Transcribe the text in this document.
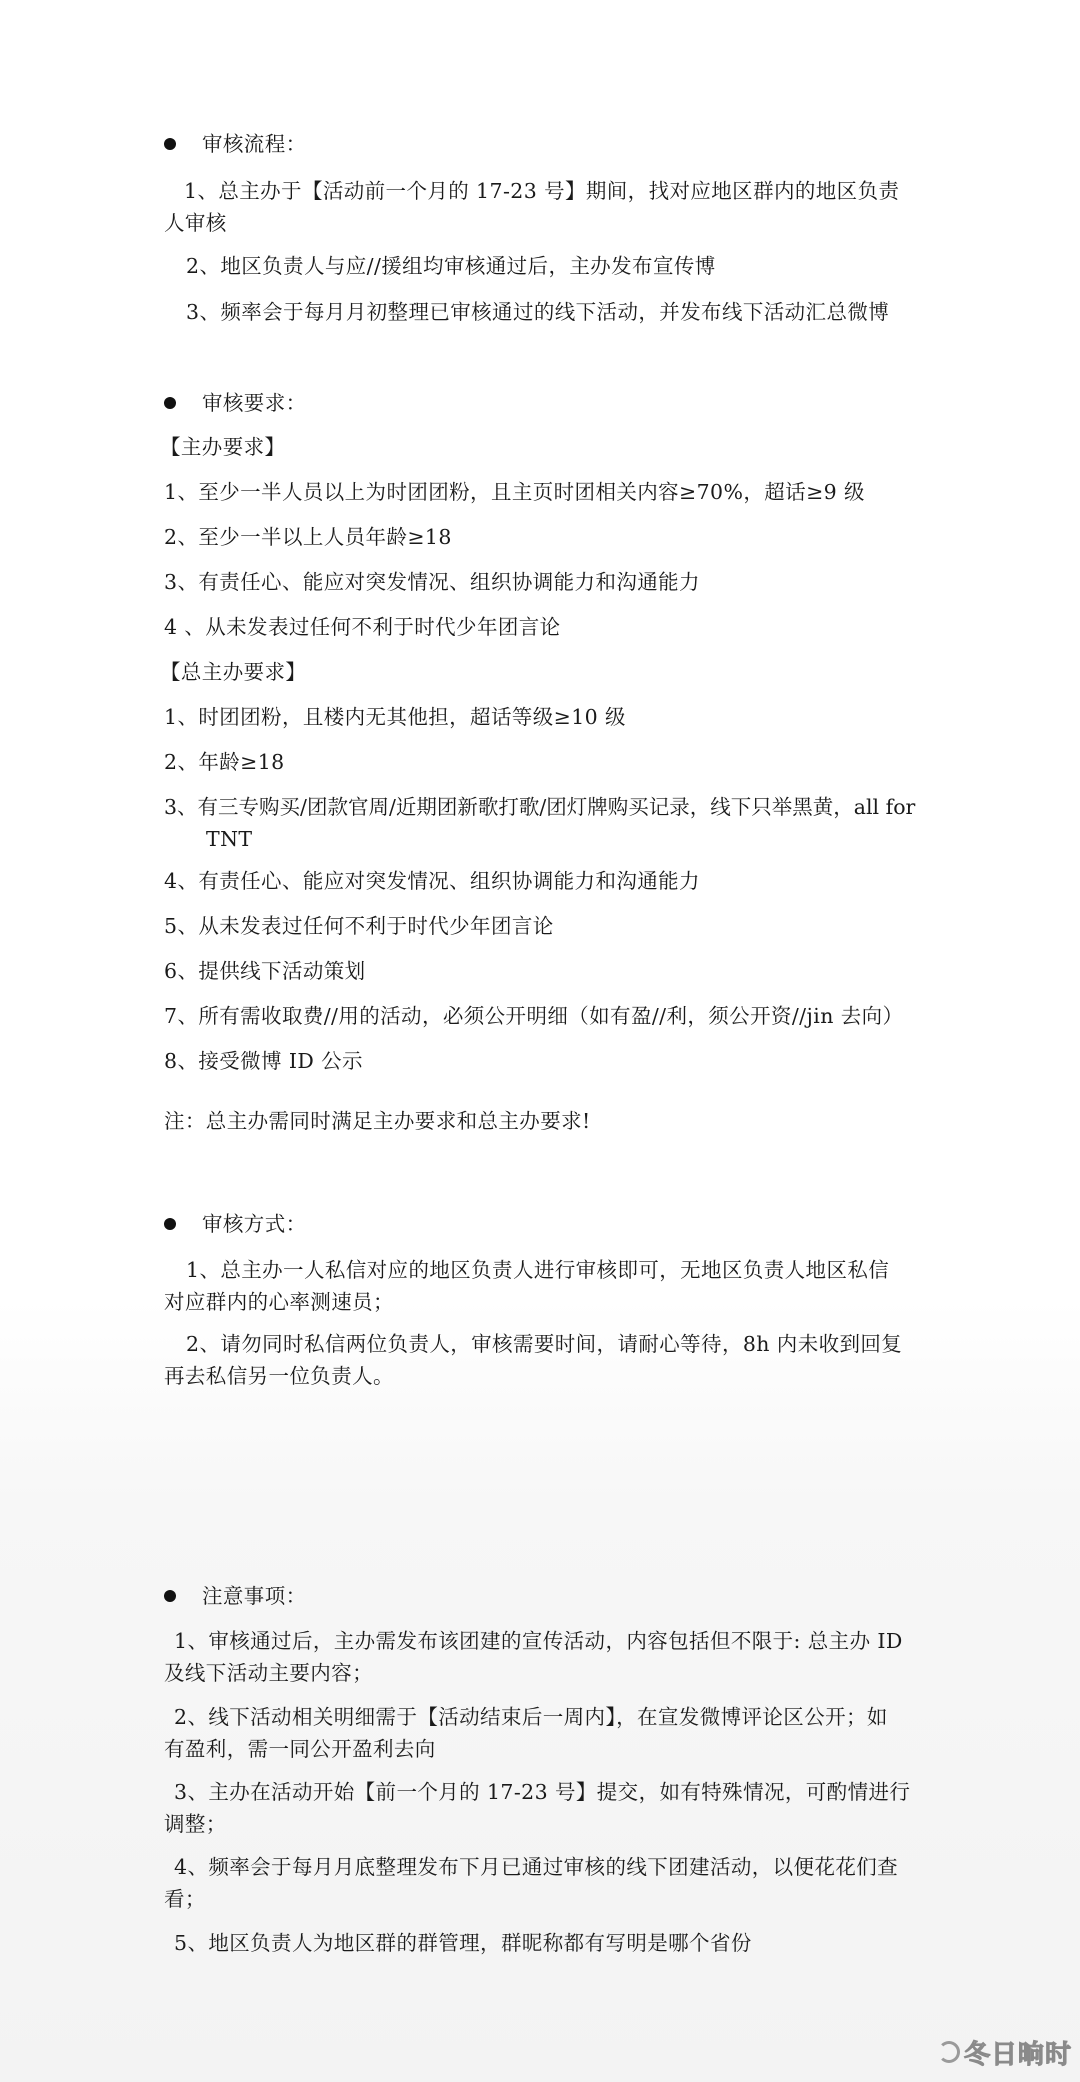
审核流程：

1、总主办于【活动前一个月的 17-23 号】期间，找对应地区群内的地区负责

人审核

2、地区负责人与应//援组均审核通过后，主办发布宣传博

3、频率会于每月月初整理已审核通过的线下活动，并发布线下活动汇总微博

审核要求：

【主办要求】

1、至少一半人员以上为时团团粉，且主页时团相关内容≥70%，超话≥9 级

2、至少一半以上人员年龄≥18

3、有责任心、能应对突发情况、组织协调能力和沟通能力

4 、从未发表过任何不利于时代少年团言论

【总主办要求】

1、时团团粉，且楼内无其他担，超话等级≥10 级

2、年龄≥18

3、有三专购买/团款官周/近期团新歌打歌/团灯牌购买记录，线下只举黑黄，all for

TNT

4、有责任心、能应对突发情况、组织协调能力和沟通能力

5、从未发表过任何不利于时代少年团言论

6、提供线下活动策划

7、所有需收取费//用的活动，必须公开明细（如有盈//利，须公开资//jin 去向）

8、接受微博 ID 公示

注：总主办需同时满足主办要求和总主办要求!

审核方式：

1、总主办一人私信对应的地区负责人进行审核即可，无地区负责人地区私信

对应群内的心率测速员；

2、请勿同时私信两位负责人，审核需要时间，请耐心等待，8h 内未收到回复

再去私信另一位负责人。

注意事项：

1、审核通过后，主办需发布该团建的宣传活动，内容包括但不限于: 总主办 ID

及线下活动主要内容；

2、线下活动相关明细需于【活动结束后一周内】，在宣发微博评论区公开；如

有盈利，需一同公开盈利去向

3、主办在活动开始【前一个月的 17-23 号】提交，如有特殊情况，可酌情进行

调整；

4、频率会于每月月底整理发布下月已通过审核的线下团建活动，以便花花们查

看；

5、地区负责人为地区群的群管理，群昵称都有写明是哪个省份

冬日晌时
